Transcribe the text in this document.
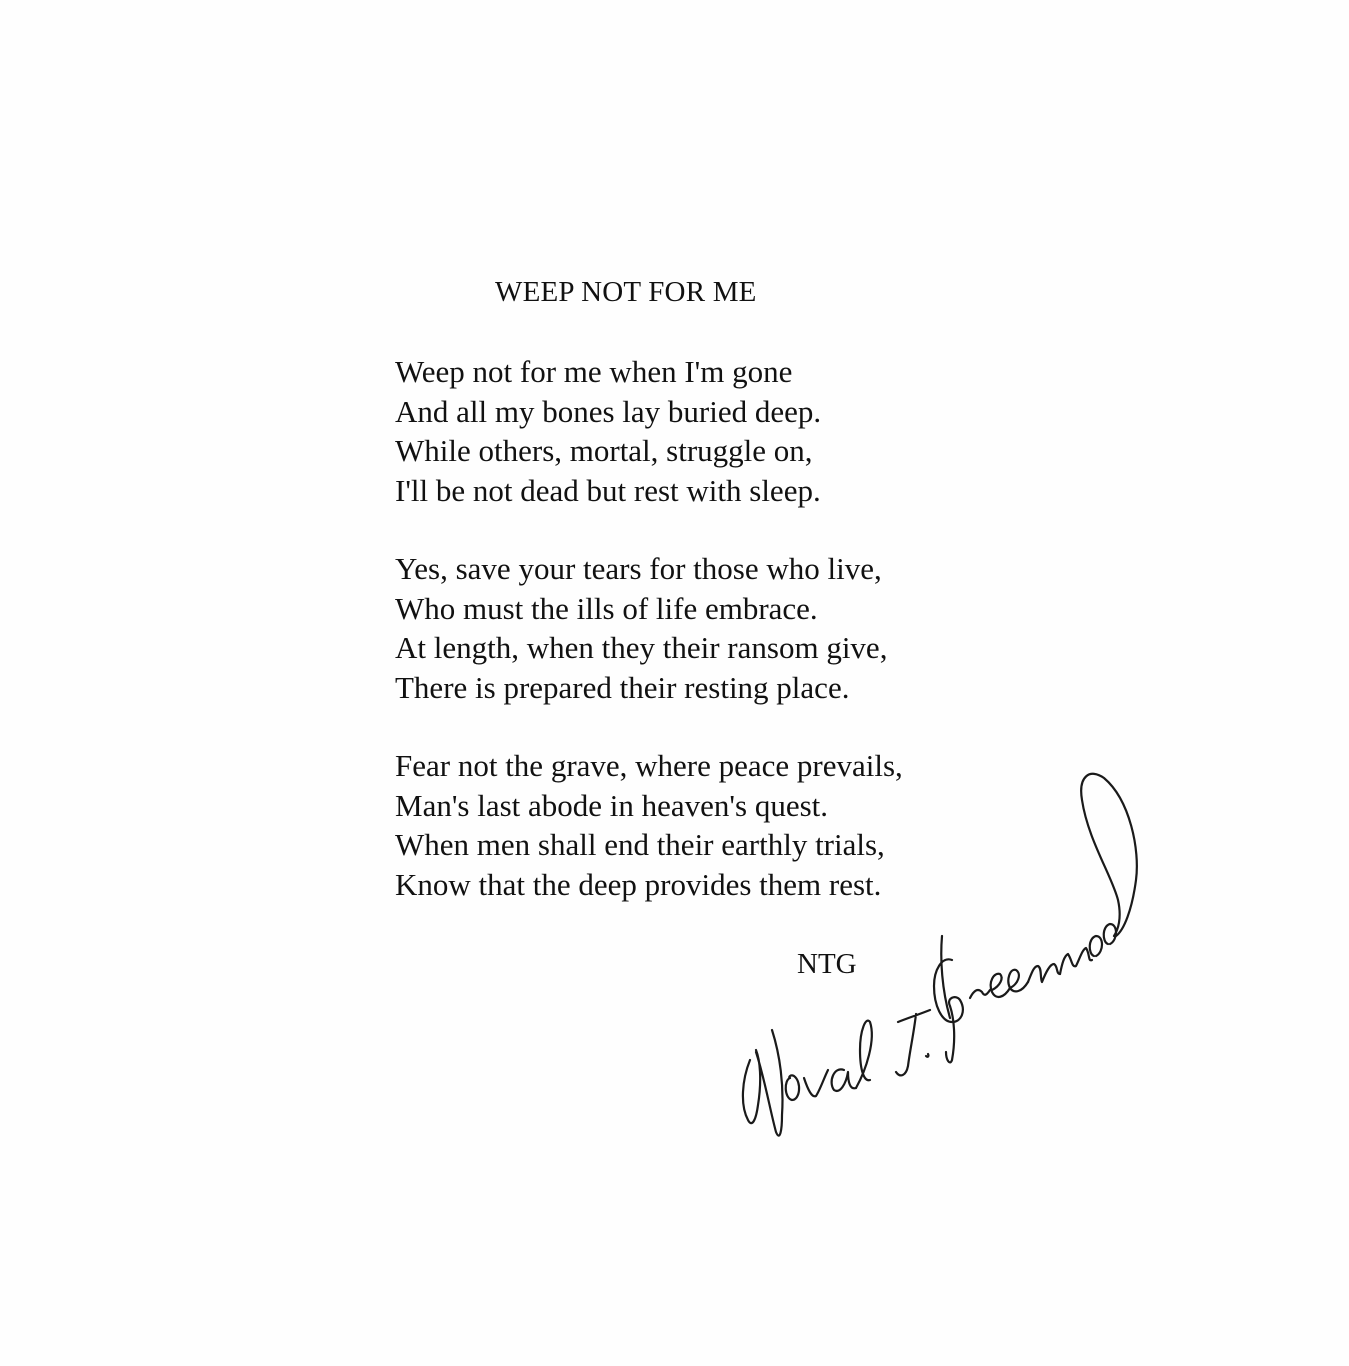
WEEP NOT FOR ME
Weep not for me when I'm gone
And all my bones lay buried deep.
While others, mortal, struggle on,
I'll be not dead but rest with sleep.
Yes, save your tears for those who live,
Who must the ills of life embrace.
At length, when they their ransom give,
There is prepared their resting place.
Fear not the grave, where peace prevails,
Man's last abode in heaven's quest.
When men shall end their earthly trials,
Know that the deep provides them rest.
NTG
